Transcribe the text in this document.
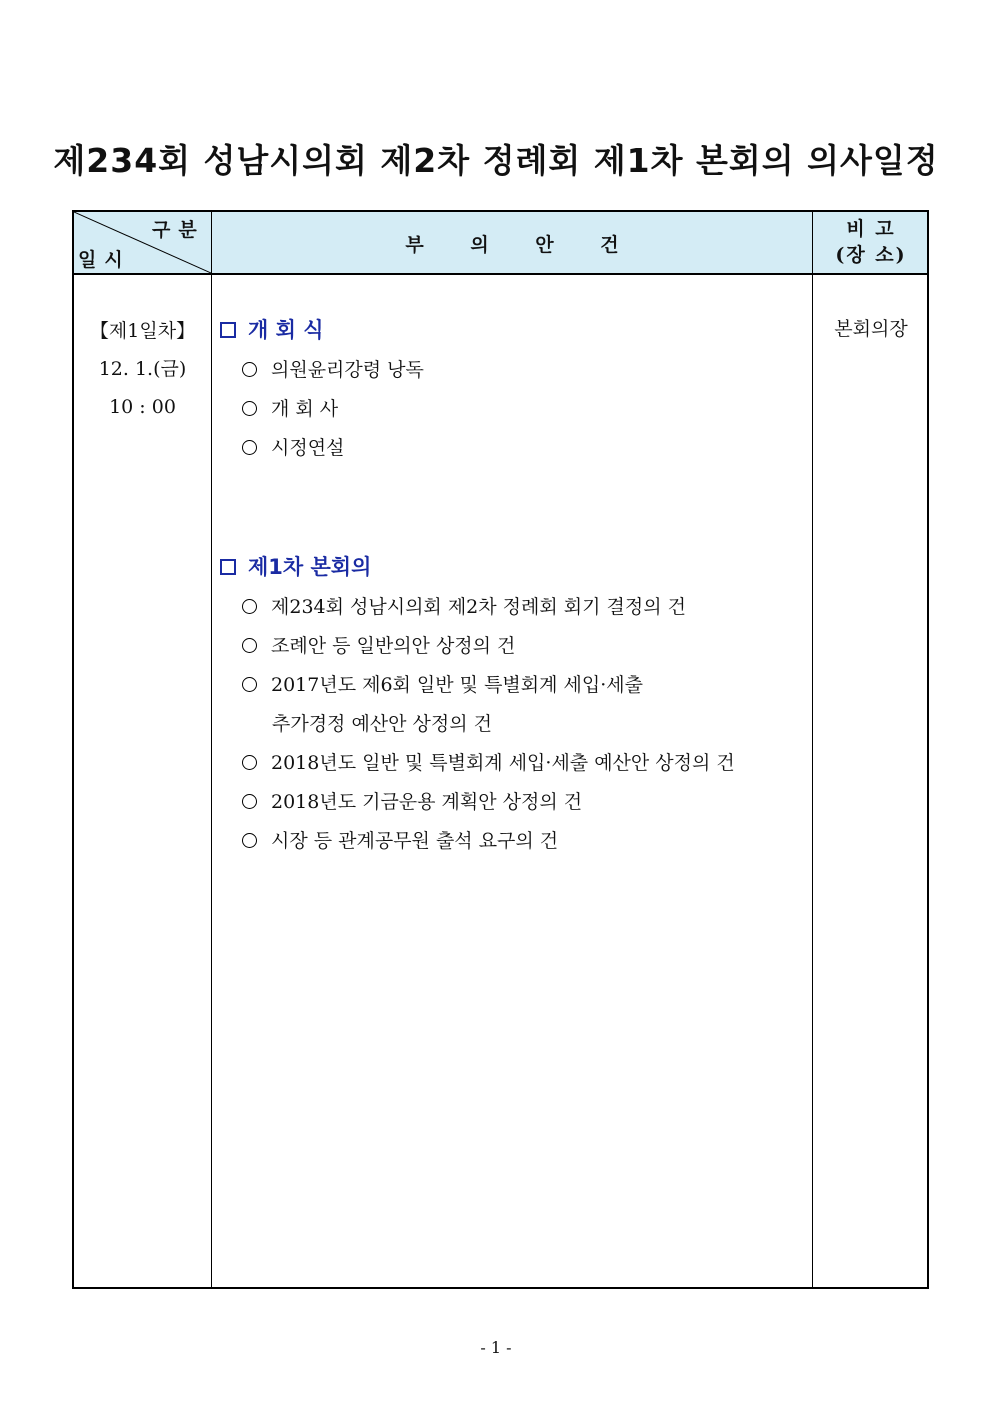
제234회 성남시의회 제2차 정례회 제1차 본회의 의사일정
구분
일시
부 의 안 건
비 고
(장 소)
【제1일차】
12. 1.(금)
10 : 00
본회의장
개 회 식
의원윤리강령 낭독
개 회 사
시정연설
제1차 본회의
제234회 성남시의회 제2차 정례회 회기 결정의 건
조례안 등 일반의안 상정의 건
2017년도 제6회 일반 및 특별회계 세입·세출
추가경정 예산안 상정의 건
2018년도 일반 및 특별회계 세입·세출 예산안 상정의 건
2018년도 기금운용 계획안 상정의 건
시장 등 관계공무원 출석 요구의 건
- 1 -
